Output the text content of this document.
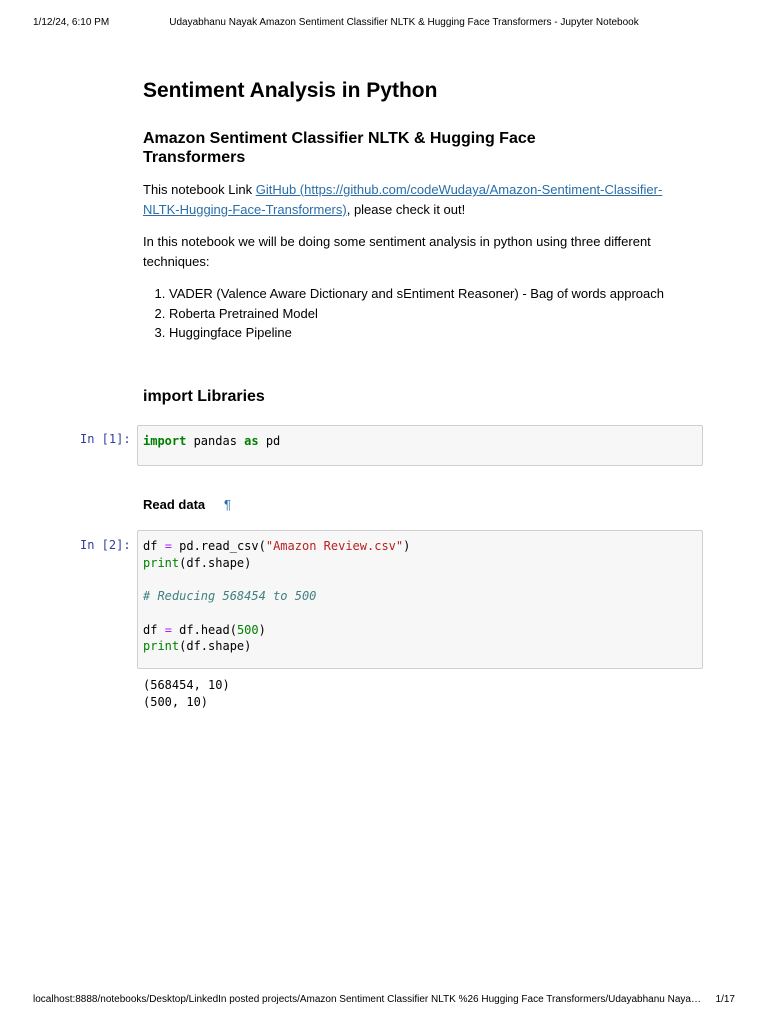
1/12/24, 6:10 PM	Udayabhanu Nayak Amazon Sentiment Classifier NLTK & Hugging Face Transformers - Jupyter Notebook
Sentiment Analysis in Python
Amazon Sentiment Classifier NLTK & Hugging Face Transformers

This notebook Link GitHub (https://github.com/codeWudaya/Amazon-Sentiment-Classifier-NLTK-Hugging-Face-Transformers), please check it out!

In this notebook we will be doing some sentiment analysis in python using three different techniques:

1. VADER (Valence Aware Dictionary and sEntiment Reasoner) - Bag of words approach
2. Roberta Pretrained Model
3. Huggingface Pipeline
import Libraries
In [1]:	import pandas as pd
Read data ¶
In [2]:	df = pd.read_csv("Amazon Review.csv")
print(df.shape)

# Reducing 568454 to 500

df = df.head(500)
print(df.shape)
(568454, 10)
(500, 10)
localhost:8888/notebooks/Desktop/LinkedIn posted projects/Amazon Sentiment Classifier NLTK %26 Hugging Face Transformers/Udayabhanu Naya… 1/17
